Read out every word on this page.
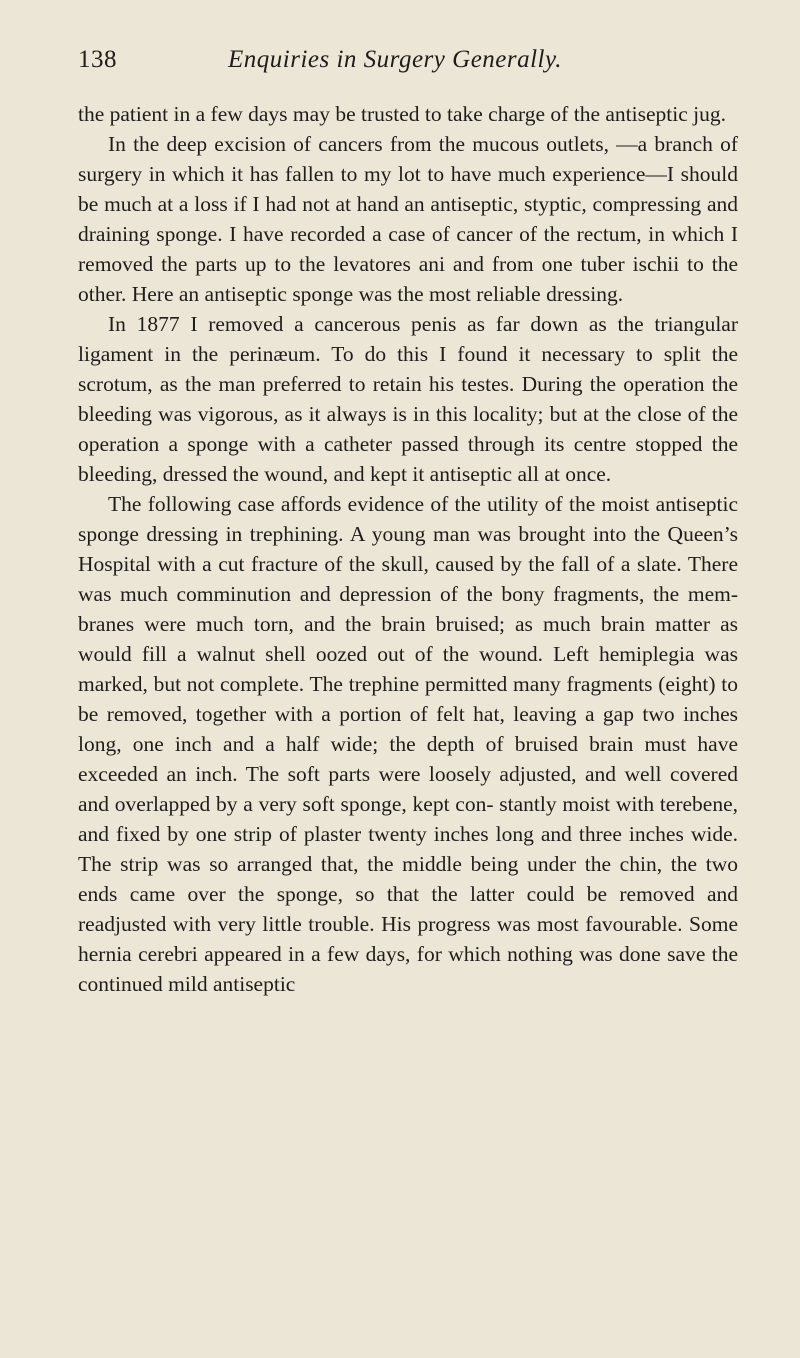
138	Enquiries in Surgery Generally.

the patient in a few days may be trusted to take charge of the antiseptic jug.

In the deep excision of cancers from the mucous outlets, —a branch of surgery in which it has fallen to my lot to have much experience—I should be much at a loss if I had not at hand an antiseptic, styptic, compressing and draining sponge. I have recorded a case of cancer of the rectum, in which I removed the parts up to the levatores ani and from one tuber ischii to the other. Here an antiseptic sponge was the most reliable dressing.

In 1877 I removed a cancerous penis as far down as the triangular ligament in the perinæum. To do this I found it necessary to split the scrotum, as the man preferred to retain his testes. During the operation the bleeding was vigorous, as it always is in this locality; but at the close of the operation a sponge with a catheter passed through its centre stopped the bleeding, dressed the wound, and kept it antiseptic all at once.

The following case affords evidence of the utility of the moist antiseptic sponge dressing in trephining. A young man was brought into the Queen’s Hospital with a cut fracture of the skull, caused by the fall of a slate. There was much comminution and depression of the bony fragments, the mem- branes were much torn, and the brain bruised; as much brain matter as would fill a walnut shell oozed out of the wound. Left hemiplegia was marked, but not complete. The trephine permitted many fragments (eight) to be removed, together with a portion of felt hat, leaving a gap two inches long, one inch and a half wide; the depth of bruised brain must have exceeded an inch. The soft parts were loosely adjusted, and well covered and overlapped by a very soft sponge, kept con- stantly moist with terebene, and fixed by one strip of plaster twenty inches long and three inches wide. The strip was so arranged that, the middle being under the chin, the two ends came over the sponge, so that the latter could be removed and readjusted with very little trouble. His progress was most favourable. Some hernia cerebri appeared in a few days, for which nothing was done save the continued mild antiseptic
